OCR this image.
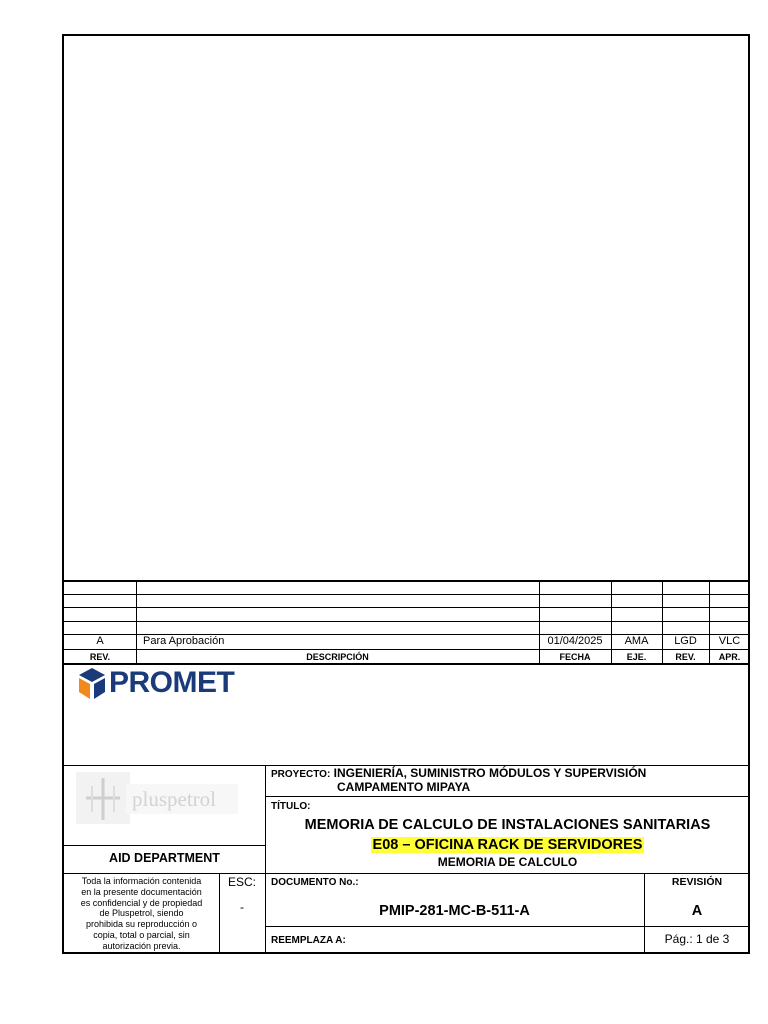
A	Para Aprobación	01/04/2025	AMA	LGD	VLC
REV.	DESCRIPCIÓN	FECHA	EJE.	REV.	APR.
PROMET
pluspetrol
AID DEPARTMENT
PROYECTO: INGENIERÍA, SUMINISTRO MÓDULOS Y SUPERVISIÓN
CAMPAMENTO MIPAYA
TÍTULO:
MEMORIA DE CALCULO DE INSTALACIONES SANITARIAS
E08 – OFICINA RACK DE SERVIDORES
MEMORIA DE CALCULO
Toda la información contenida
en la presente documentación
es confidencial y de propiedad
de Pluspetrol, siendo
prohibida su reproducción o
copia, total o parcial, sin
autorización previa.
ESC:
-
DOCUMENTO No.:
PMIP-281-MC-B-511-A
REVISIÓN
A
REEMPLAZA A:	Pág.: 1 de 3
